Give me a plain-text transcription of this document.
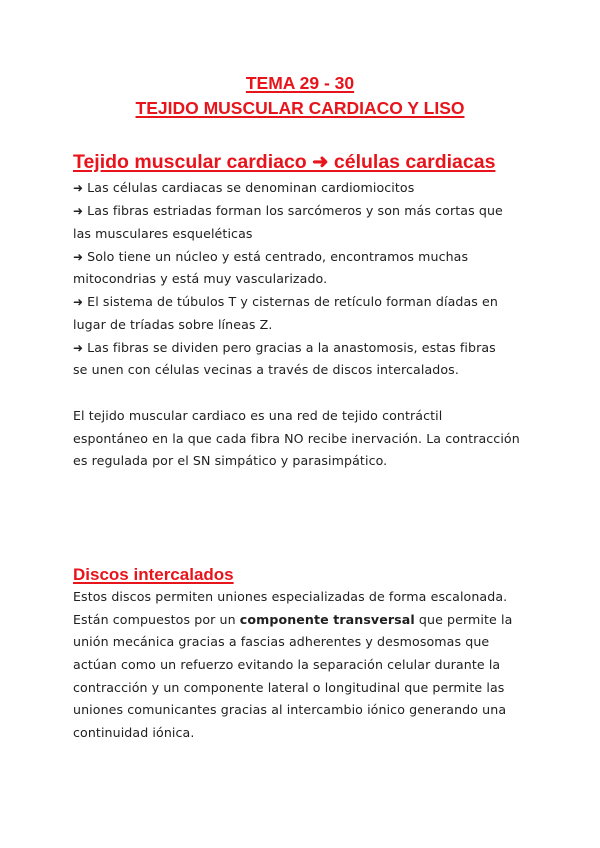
TEMA 29 - 30
TEJIDO MUSCULAR CARDIACO Y LISO
Tejido muscular cardiaco ➜ células cardiacas
➜ Las células cardiacas se denominan cardiomiocitos
➜ Las fibras estriadas forman los sarcómeros y son más cortas que
las musculares esqueléticas
➜ Solo tiene un núcleo y está centrado, encontramos muchas
mitocondrias y está muy vascularizado.
➜ El sistema de túbulos T y cisternas de retículo forman díadas en
lugar de tríadas sobre líneas Z.
➜ Las fibras se dividen pero gracias a la anastomosis, estas fibras
se unen con células vecinas a través de discos intercalados.
El tejido muscular cardiaco es una red de tejido contráctil
espontáneo en la que cada fibra NO recibe inervación. La contracción
es regulada por el SN simpático y parasimpático.
Discos intercalados
Estos discos permiten uniones especializadas de forma escalonada.
Están compuestos por un componente transversal que permite la
unión mecánica gracias a fascias adherentes y desmosomas que
actúan como un refuerzo evitando la separación celular durante la
contracción y un componente lateral o longitudinal que permite las
uniones comunicantes gracias al intercambio iónico generando una
continuidad iónica.
